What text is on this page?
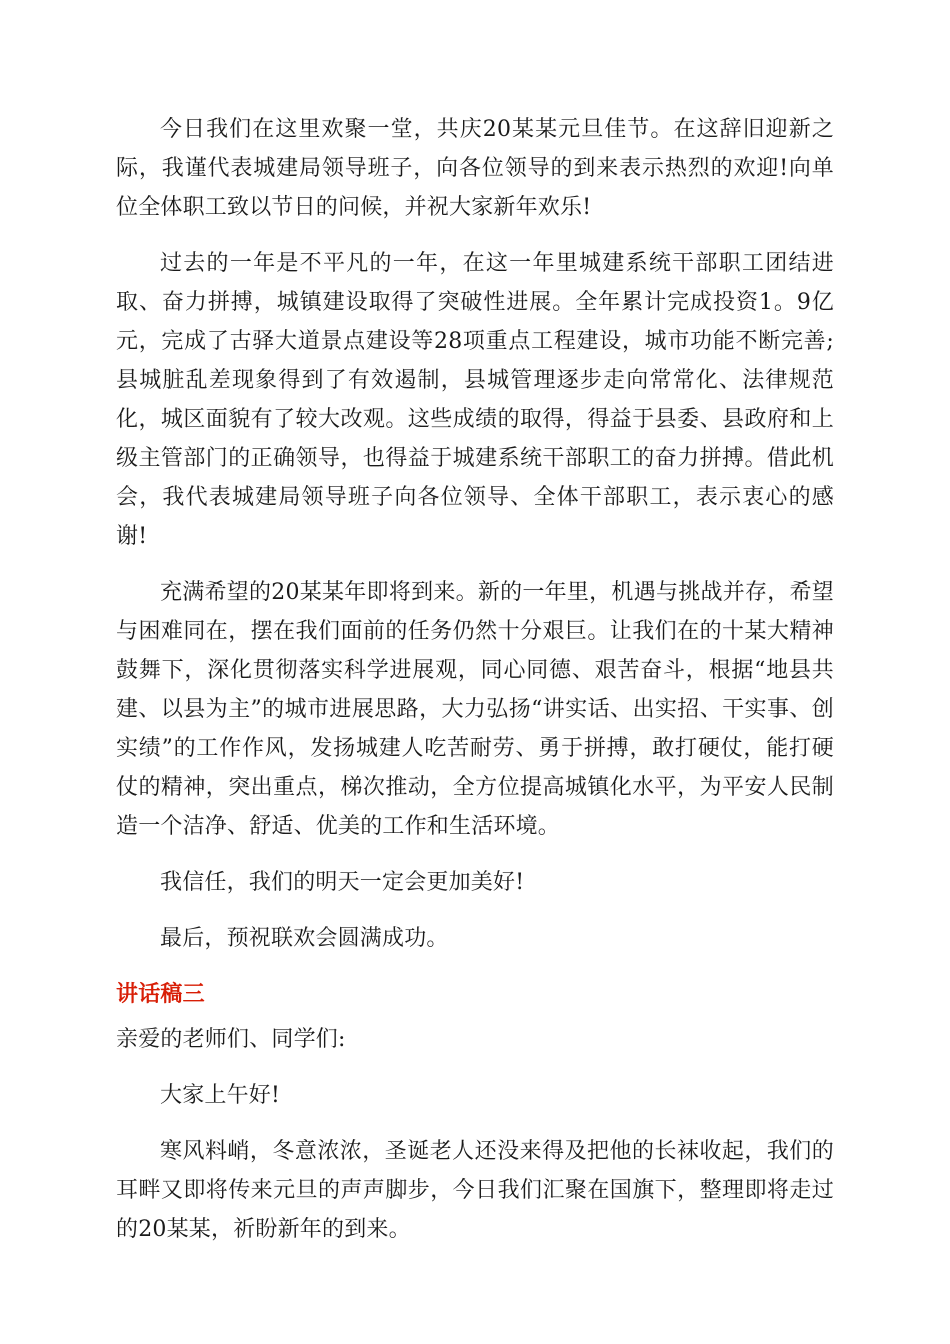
今日我们在这里欢聚一堂，共庆20某某元旦佳节。在这辞旧迎新之际，我谨代表城建局领导班子，向各位领导的到来表示热烈的欢迎!向单位全体职工致以节日的问候，并祝大家新年欢乐!

过去的一年是不平凡的一年，在这一年里城建系统干部职工团结进取、奋力拼搏，城镇建设取得了突破性进展。全年累计完成投资1。9亿元，完成了古驿大道景点建设等28项重点工程建设，城市功能不断完善;县城脏乱差现象得到了有效遏制，县城管理逐步走向常常化、法律规范化，城区面貌有了较大改观。这些成绩的取得，得益于县委、县政府和上级主管部门的正确领导，也得益于城建系统干部职工的奋力拼搏。借此机会，我代表城建局领导班子向各位领导、全体干部职工，表示衷心的感谢!

充满希望的20某某年即将到来。新的一年里，机遇与挑战并存，希望与困难同在，摆在我们面前的任务仍然十分艰巨。让我们在的十某大精神鼓舞下，深化贯彻落实科学进展观，同心同德、艰苦奋斗，根据“地县共建、以县为主”的城市进展思路，大力弘扬“讲实话、出实招、干实事、创实绩”的工作作风，发扬城建人吃苦耐劳、勇于拼搏，敢打硬仗，能打硬仗的精神，突出重点，梯次推动，全方位提高城镇化水平，为平安人民制造一个洁净、舒适、优美的工作和生活环境。

我信任，我们的明天一定会更加美好!

最后，预祝联欢会圆满成功。

讲话稿三

亲爱的老师们、同学们:

大家上午好!

寒风料峭，冬意浓浓，圣诞老人还没来得及把他的长袜收起，我们的耳畔又即将传来元旦的声声脚步，今日我们汇聚在国旗下，整理即将走过的20某某，祈盼新年的到来。
